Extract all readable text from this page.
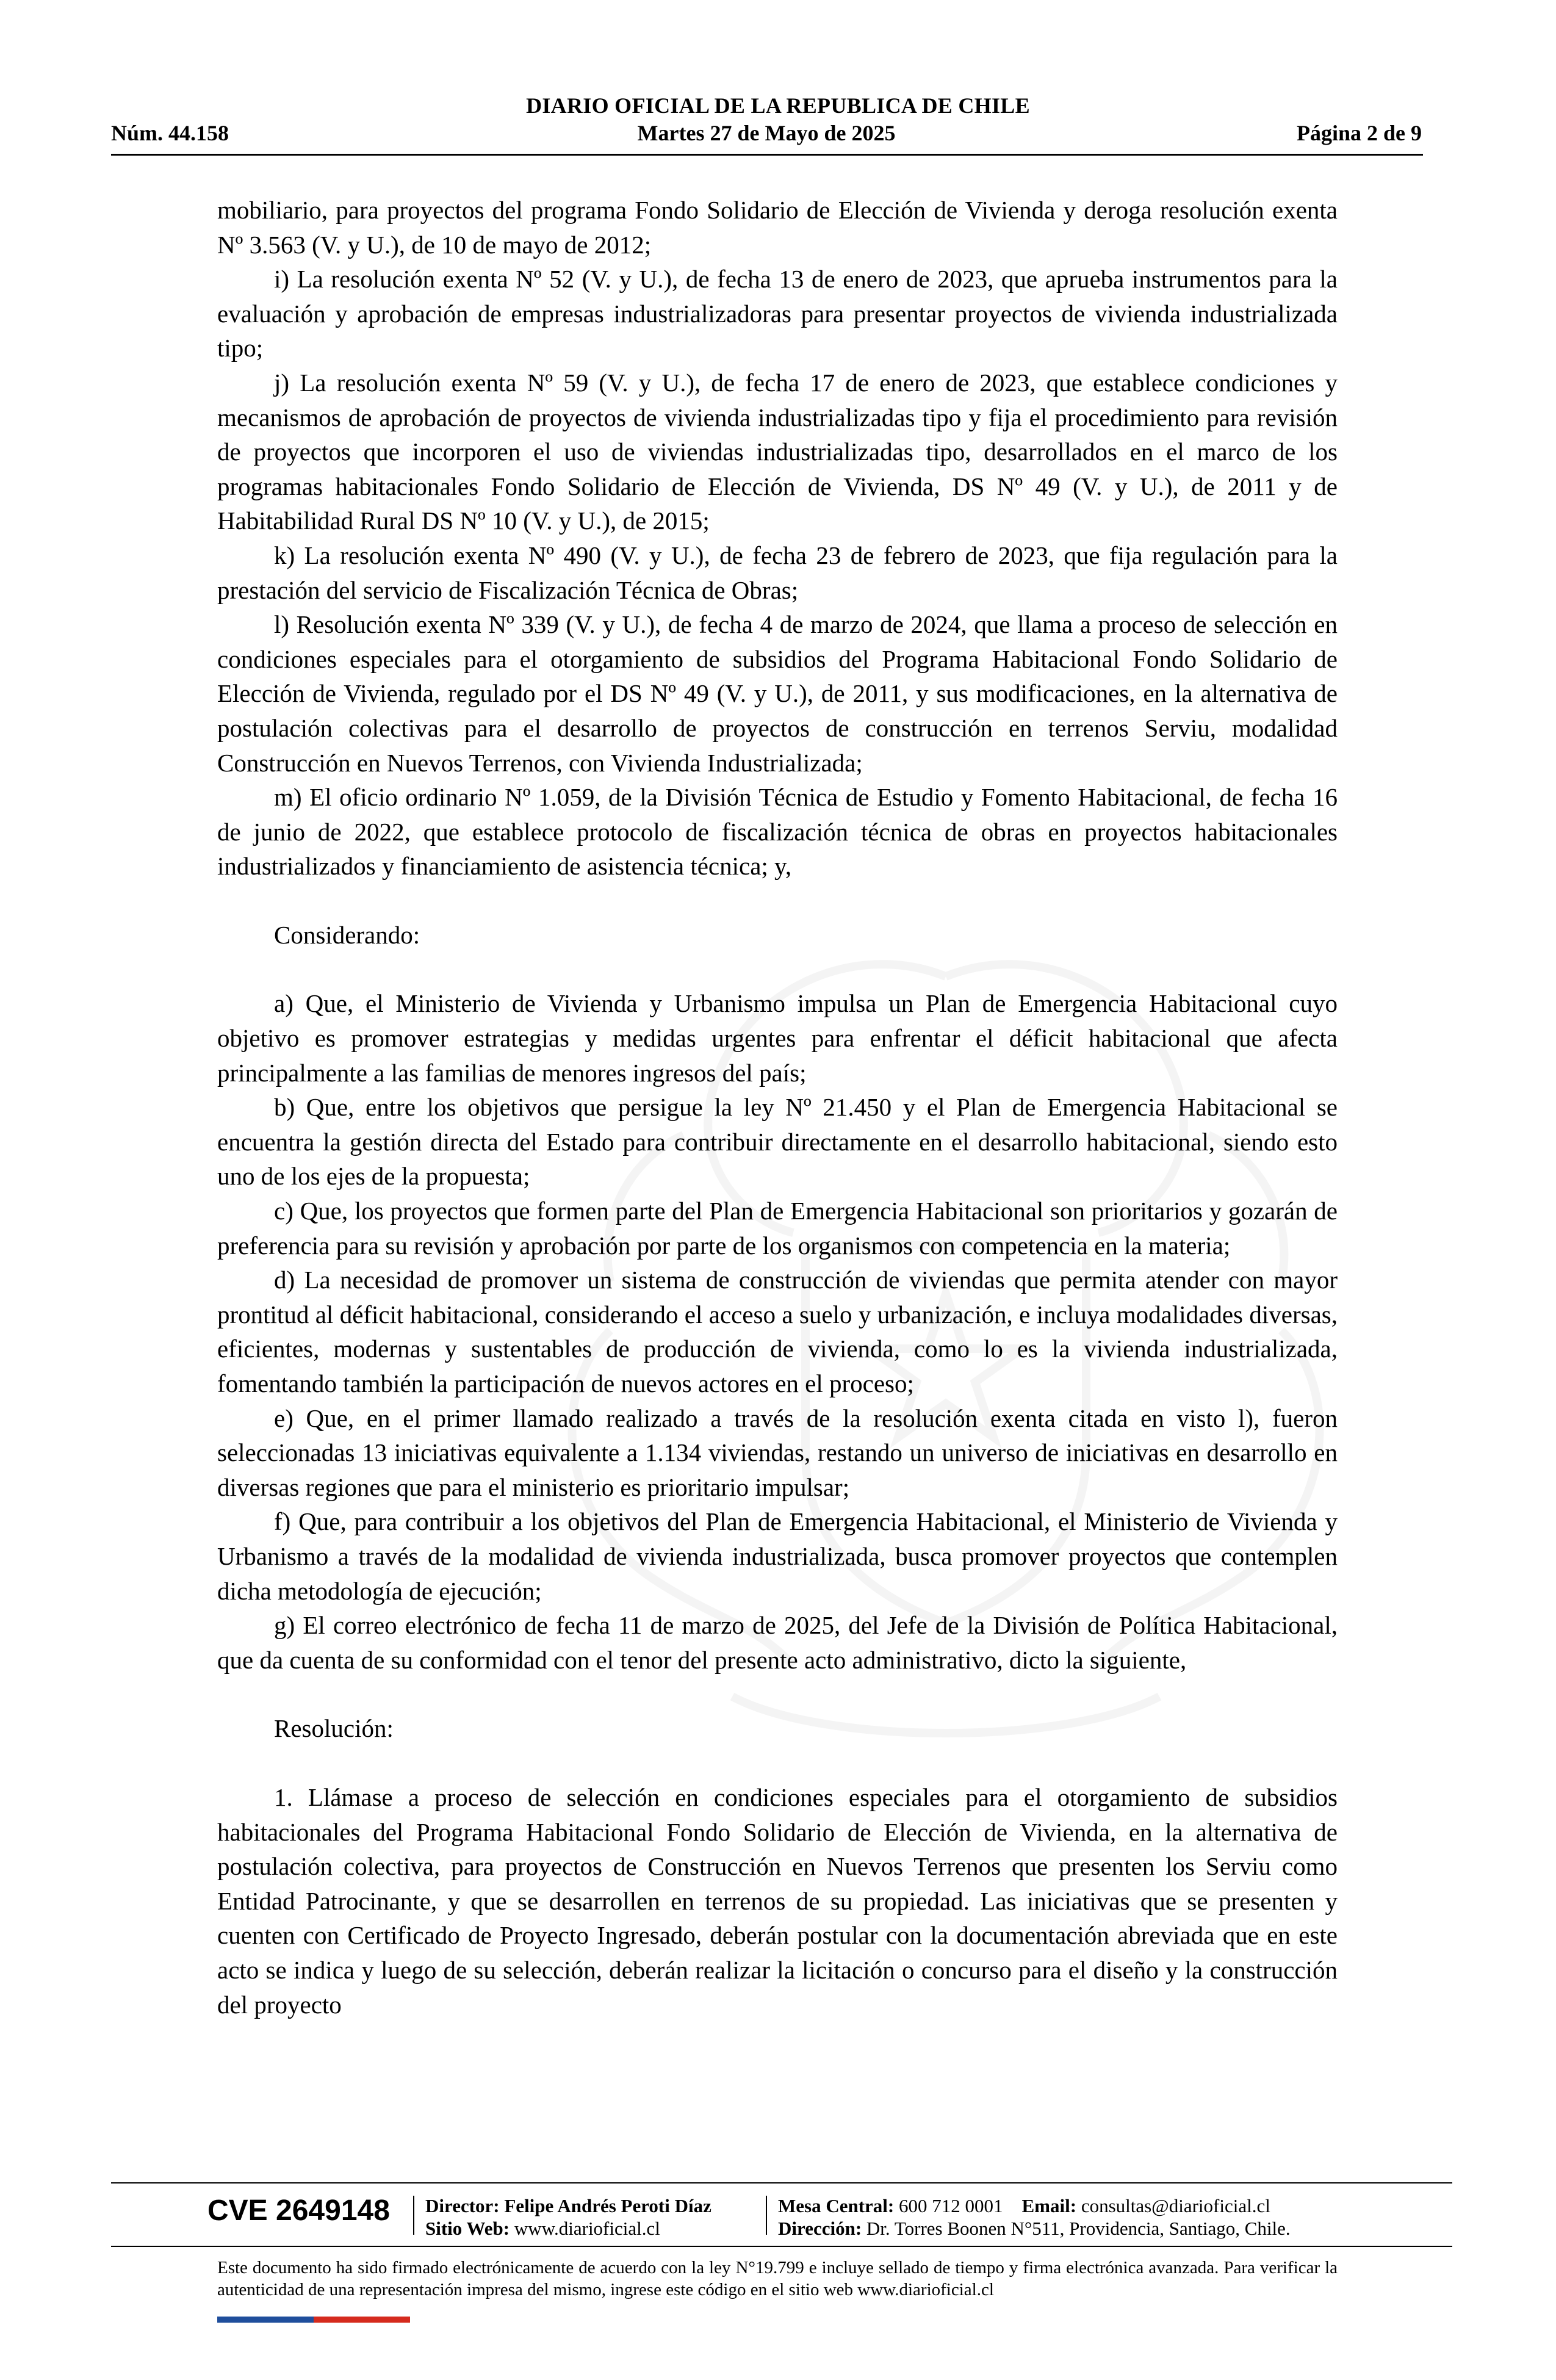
DIARIO OFICIAL DE LA REPUBLICA DE CHILE
Núm. 44.158	Martes 27 de Mayo de 2025	Página 2 de 9

mobiliario, para proyectos del programa Fondo Solidario de Elección de Vivienda y deroga resolución exenta Nº 3.563 (V. y U.), de 10 de mayo de 2012;

i) La resolución exenta Nº 52 (V. y U.), de fecha 13 de enero de 2023, que aprueba instrumentos para la evaluación y aprobación de empresas industrializadoras para presentar proyectos de vivienda industrializada tipo;

j) La resolución exenta Nº 59 (V. y U.), de fecha 17 de enero de 2023, que establece condiciones y mecanismos de aprobación de proyectos de vivienda industrializadas tipo y fija el procedimiento para revisión de proyectos que incorporen el uso de viviendas industrializadas tipo, desarrollados en el marco de los programas habitacionales Fondo Solidario de Elección de Vivienda, DS Nº 49 (V. y U.), de 2011 y de Habitabilidad Rural DS Nº 10 (V. y U.), de 2015;

k) La resolución exenta Nº 490 (V. y U.), de fecha 23 de febrero de 2023, que fija regulación para la prestación del servicio de Fiscalización Técnica de Obras;

l) Resolución exenta Nº 339 (V. y U.), de fecha 4 de marzo de 2024, que llama a proceso de selección en condiciones especiales para el otorgamiento de subsidios del Programa Habitacional Fondo Solidario de Elección de Vivienda, regulado por el DS Nº 49 (V. y U.), de 2011, y sus modificaciones, en la alternativa de postulación colectivas para el desarrollo de proyectos de construcción en terrenos Serviu, modalidad Construcción en Nuevos Terrenos, con Vivienda Industrializada;

m) El oficio ordinario Nº 1.059, de la División Técnica de Estudio y Fomento Habitacional, de fecha 16 de junio de 2022, que establece protocolo de fiscalización técnica de obras en proyectos habitacionales industrializados y financiamiento de asistencia técnica; y,

Considerando:

a) Que, el Ministerio de Vivienda y Urbanismo impulsa un Plan de Emergencia Habitacional cuyo objetivo es promover estrategias y medidas urgentes para enfrentar el déficit habitacional que afecta principalmente a las familias de menores ingresos del país;

b) Que, entre los objetivos que persigue la ley Nº 21.450 y el Plan de Emergencia Habitacional se encuentra la gestión directa del Estado para contribuir directamente en el desarrollo habitacional, siendo esto uno de los ejes de la propuesta;

c) Que, los proyectos que formen parte del Plan de Emergencia Habitacional son prioritarios y gozarán de preferencia para su revisión y aprobación por parte de los organismos con competencia en la materia;

d) La necesidad de promover un sistema de construcción de viviendas que permita atender con mayor prontitud al déficit habitacional, considerando el acceso a suelo y urbanización, e incluya modalidades diversas, eficientes, modernas y sustentables de producción de vivienda, como lo es la vivienda industrializada, fomentando también la participación de nuevos actores en el proceso;

e) Que, en el primer llamado realizado a través de la resolución exenta citada en visto l), fueron seleccionadas 13 iniciativas equivalente a 1.134 viviendas, restando un universo de iniciativas en desarrollo en diversas regiones que para el ministerio es prioritario impulsar;

f) Que, para contribuir a los objetivos del Plan de Emergencia Habitacional, el Ministerio de Vivienda y Urbanismo a través de la modalidad de vivienda industrializada, busca promover proyectos que contemplen dicha metodología de ejecución;

g) El correo electrónico de fecha 11 de marzo de 2025, del Jefe de la División de Política Habitacional, que da cuenta de su conformidad con el tenor del presente acto administrativo, dicto la siguiente,

Resolución:

1. Llámase a proceso de selección en condiciones especiales para el otorgamiento de subsidios habitacionales del Programa Habitacional Fondo Solidario de Elección de Vivienda, en la alternativa de postulación colectiva, para proyectos de Construcción en Nuevos Terrenos que presenten los Serviu como Entidad Patrocinante, y que se desarrollen en terrenos de su propiedad. Las iniciativas que se presenten y cuenten con Certificado de Proyecto Ingresado, deberán postular con la documentación abreviada que en este acto se indica y luego de su selección, deberán realizar la licitación o concurso para el diseño y la construcción del proyecto

CVE 2649148 Director: Felipe Andrés Peroti Díaz
Sitio Web: www.diarioficial.cl
Mesa Central: 600 712 0001 Email: consultas@diarioficial.cl
Dirección: Dr. Torres Boonen N°511, Providencia, Santiago, Chile.
Este documento ha sido firmado electrónicamente de acuerdo con la ley N°19.799 e incluye sellado de tiempo y firma electrónica avanzada. Para verificar la autenticidad de una representación impresa del mismo, ingrese este código en el sitio web www.diarioficial.cl
